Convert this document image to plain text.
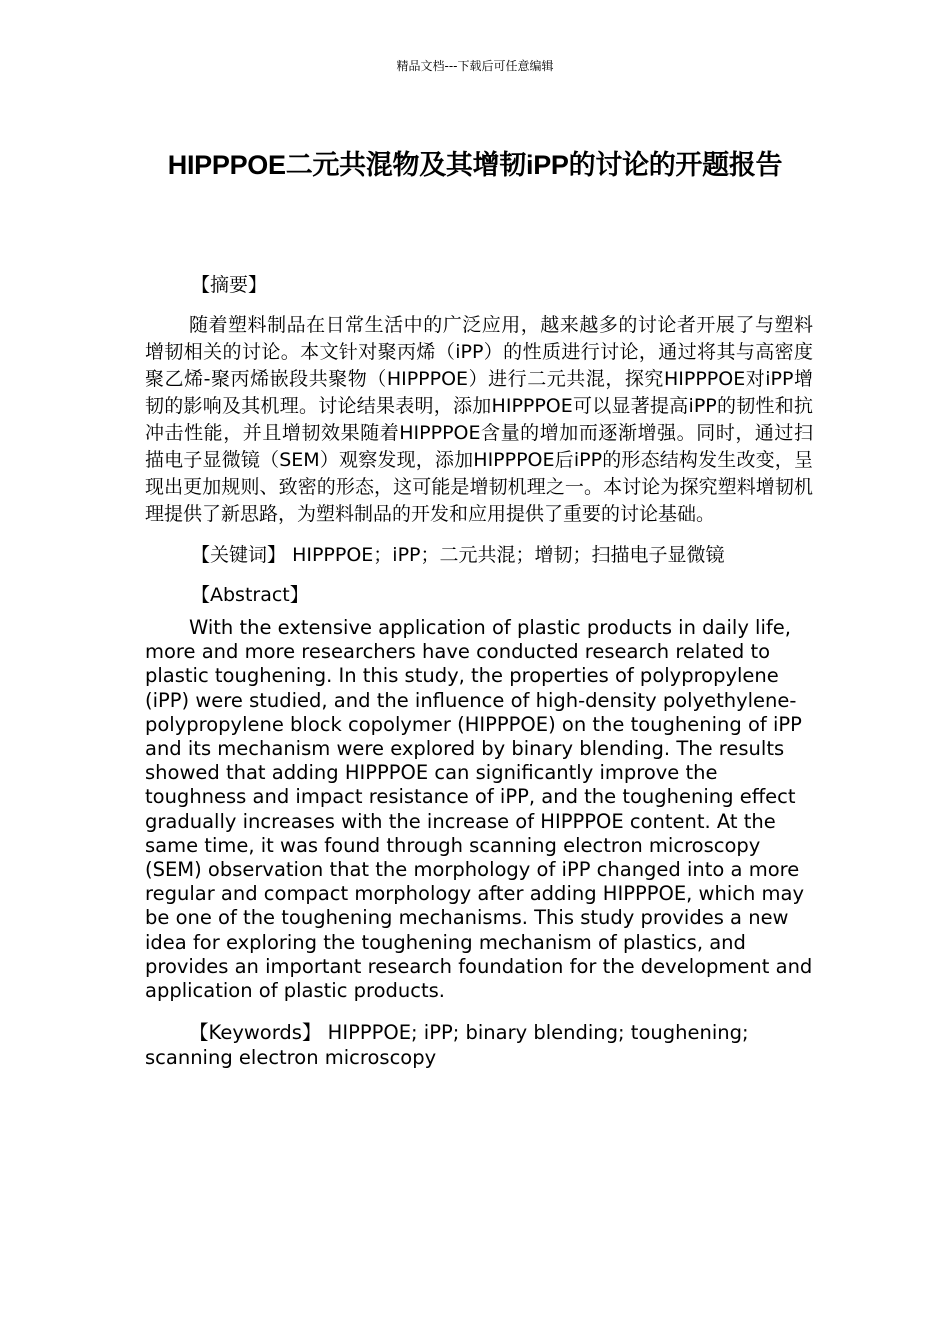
精品文档---下载后可任意编辑
HIPPPOE二元共混物及其增韧iPP的讨论的开题报告

【摘要】

随着塑料制品在日常生活中的广泛应用，越来越多的讨论者开展了与塑料增韧相关的讨论。本文针对聚丙烯（iPP）的性质进行讨论，通过将其与高密度聚乙烯-聚丙烯嵌段共聚物（HIPPPOE）进行二元共混，探究HIPPPOE对iPP增韧的影响及其机理。讨论结果表明，添加HIPPPOE可以显著提高iPP的韧性和抗冲击性能，并且增韧效果随着HIPPPOE含量的增加而逐渐增强。同时，通过扫描电子显微镜（SEM）观察发现，添加HIPPPOE后iPP的形态结构发生改变，呈现出更加规则、致密的形态，这可能是增韧机理之一。本讨论为探究塑料增韧机理提供了新思路，为塑料制品的开发和应用提供了重要的讨论基础。

【关键词】 HIPPPOE；iPP；二元共混；增韧；扫描电子显微镜

【Abstract】

With the extensive application of plastic products in daily life, more and more researchers have conducted research related to plastic toughening. In this study, the properties of polypropylene (iPP) were studied, and the influence of high-density polyethylene-polypropylene block copolymer (HIPPPOE) on the toughening of iPP and its mechanism were explored by binary blending. The results showed that adding HIPPPOE can significantly improve the toughness and impact resistance of iPP, and the toughening effect gradually increases with the increase of HIPPPOE content. At the same time, it was found through scanning electron microscopy (SEM) observation that the morphology of iPP changed into a more regular and compact morphology after adding HIPPPOE, which may be one of the toughening mechanisms. This study provides a new idea for exploring the toughening mechanism of plastics, and provides an important research foundation for the development and application of plastic products.

【Keywords】 HIPPPOE; iPP; binary blending; toughening; scanning electron microscopy
